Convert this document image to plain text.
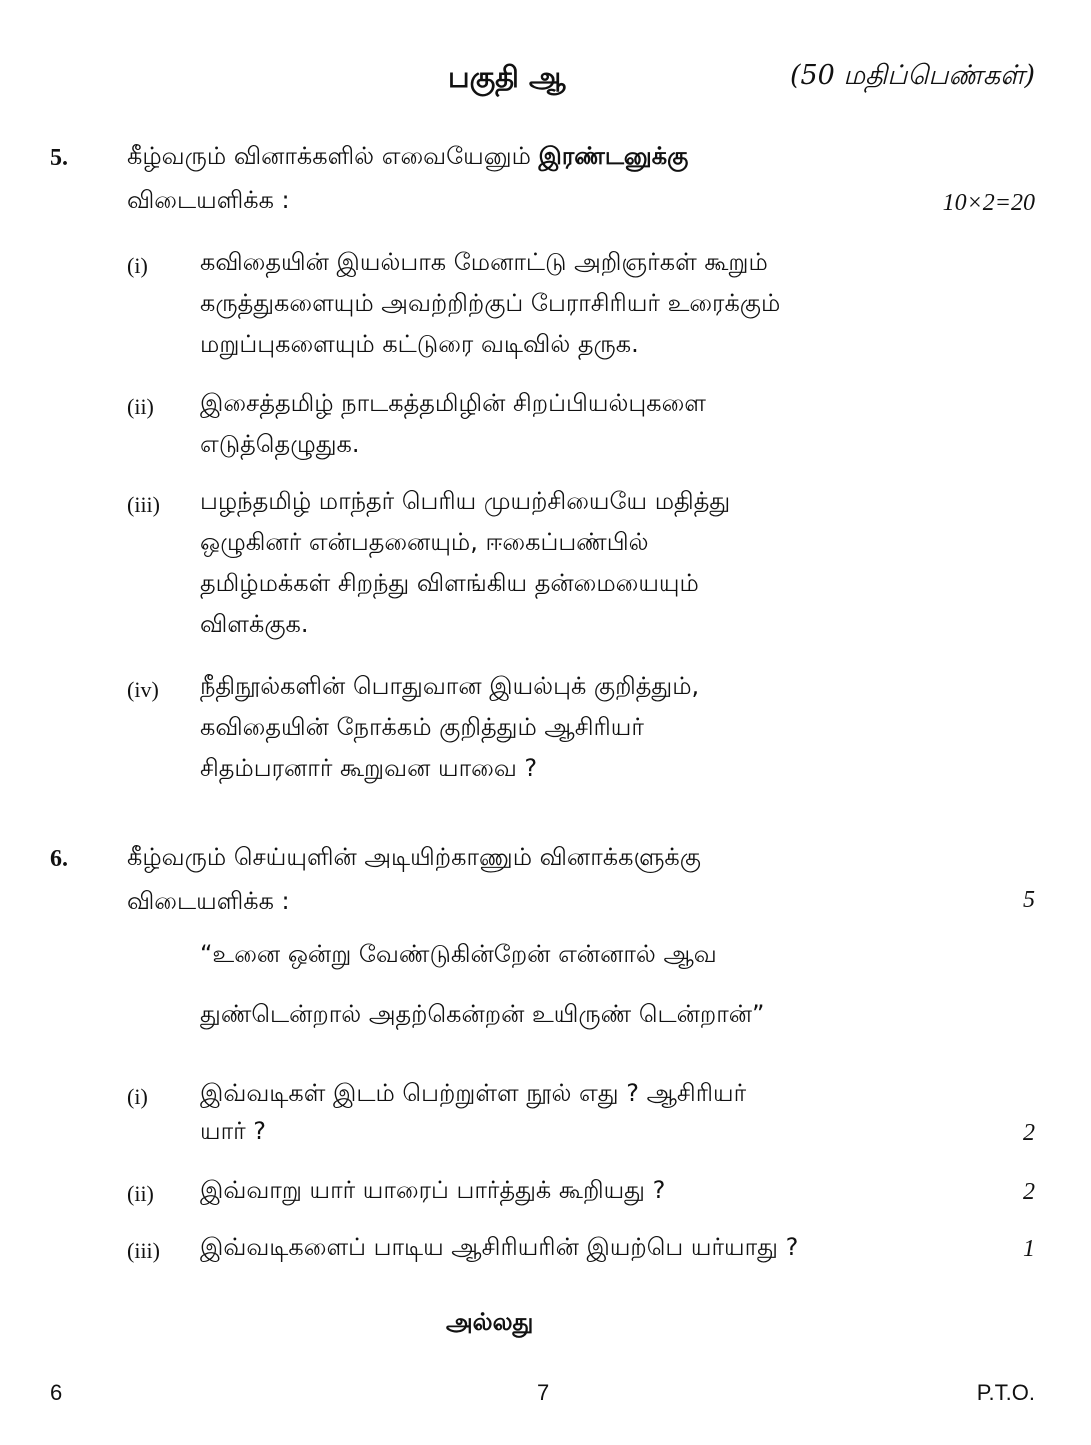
பகுதி ஆ	(50 மதிப்பெண்கள்)
5. கீழ்வரும் வினாக்களில் எவையேனும் இரண்டனுக்கு
விடையளிக்க :	10×2=20
(i) கவிதையின் இயல்பாக மேனாட்டு அறிஞர்கள் கூறும்
கருத்துகளையும் அவற்றிற்குப் பேராசிரியர் உரைக்கும்
மறுப்புகளையும் கட்டுரை வடிவில் தருக.
(ii) இசைத்தமிழ் நாடகத்தமிழின் சிறப்பியல்புகளை
எடுத்தெழுதுக.
(iii) பழந்தமிழ் மாந்தர் பெரிய முயற்சியையே மதித்து
ஒழுகினர் என்பதனையும், ஈகைப்பண்பில்
தமிழ்மக்கள் சிறந்து விளங்கிய தன்மையையும்
விளக்குக.
(iv) நீதிநூல்களின் பொதுவான இயல்புக் குறித்தும்,
கவிதையின் நோக்கம் குறித்தும் ஆசிரியர்
சிதம்பரனார் கூறுவன யாவை ?
6. கீழ்வரும் செய்யுளின் அடியிற்காணும் வினாக்களுக்கு
விடையளிக்க :	5
“உனை ஒன்று வேண்டுகின்றேன் என்னால் ஆவ
துண்டென்றால் அதற்கென்றன் உயிருண் டென்றான்”
(i) இவ்வடிகள் இடம் பெற்றுள்ள நூல் எது ? ஆசிரியர்
யார் ?	2
(ii) இவ்வாறு யார் யாரைப் பார்த்துக் கூறியது ?	2
(iii) இவ்வடிகளைப் பாடிய ஆசிரியரின் இயற்பெ யர்யாது ?	1
அல்லது
6	7	P.T.O.
